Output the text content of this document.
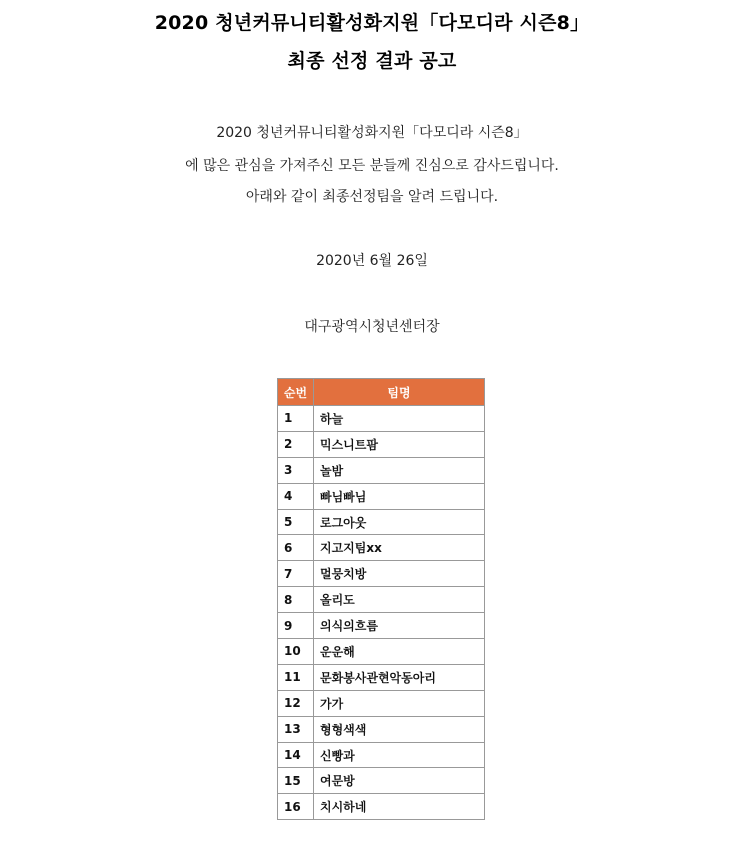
2020 청년커뮤니티활성화지원「다모디라 시즌8」
최종 선정 결과 공고
2020 청년커뮤니티활성화지원「다모디라 시즌8」
에 많은 관심을 가져주신 모든 분들께 진심으로 감사드립니다.
아래와 같이 최종선정팀을 알려 드립니다.
2020년 6월 26일
대구광역시청년센터장
순번	팀명
1	하늘
2	믹스니트팜
3	놀밤
4	빠님빠님
5	로그아웃
6	지고지팀xx
7	멀뭉치방
8	올리도
9	의식의흐름
10	운운해
11	문화봉사관현악동아리
12	가가
13	형형색색
14	신빵과
15	여문방
16	치시하네
